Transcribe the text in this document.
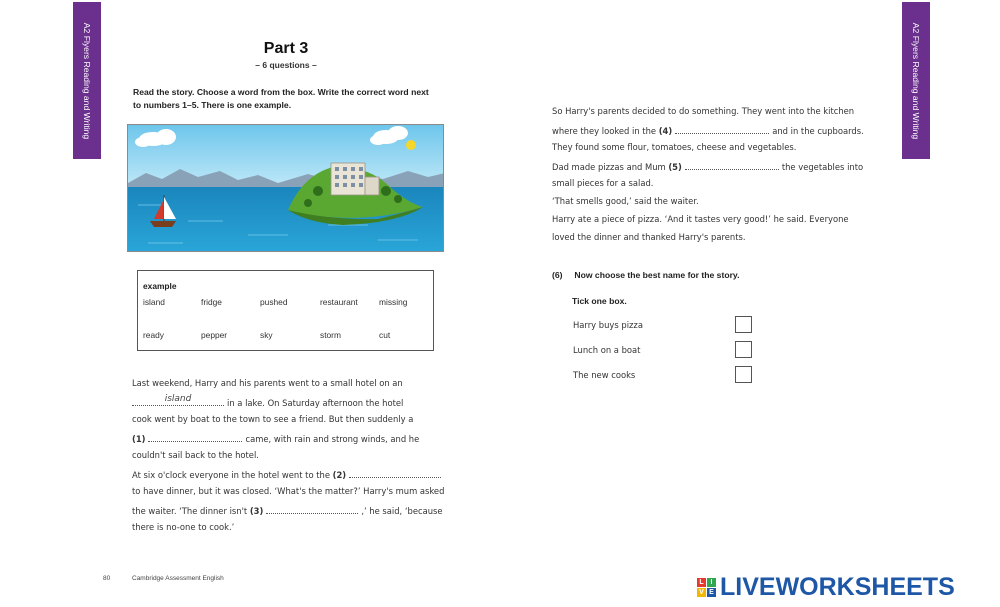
A2 Flyers Reading and Writing	A2 Flyers Reading and Writing
Part 3
– 6 questions –
Read the story. Choose a word from the box. Write the correct word next to numbers 1–5. There is one example.
example
island	fridge	pushed	restaurant	missing
ready	pepper	sky	storm	cut
Last weekend, Harry and his parents went to a small hotel on an
island	in a lake. On Saturday afternoon the hotel
cook went by boat to the town to see a friend. But then suddenly a
(1)	came, with rain and strong winds, and he
couldn't sail back to the hotel.
At six o'clock everyone in the hotel went to the (2)
to have dinner, but it was closed. ‘What's the matter?’ Harry's mum asked
the waiter. ‘The dinner isn't (3)	,’ he said, ‘because
there is no-one to cook.’
So Harry's parents decided to do something. They went into the kitchen
where they looked in the (4)	and in the cupboards.
They found some flour, tomatoes, cheese and vegetables.
Dad made pizzas and Mum (5)	the vegetables into
small pieces for a salad.
‘That smells good,’ said the waiter.
Harry ate a piece of pizza. ‘And it tastes very good!’ he said. Everyone
loved the dinner and thanked Harry's parents.
(6) Now choose the best name for the story.
Tick one box.
Harry buys pizza
Lunch on a boat
The new cooks
80	Cambridge Assessment English	L I
V E LIVEWORKSHEETS
